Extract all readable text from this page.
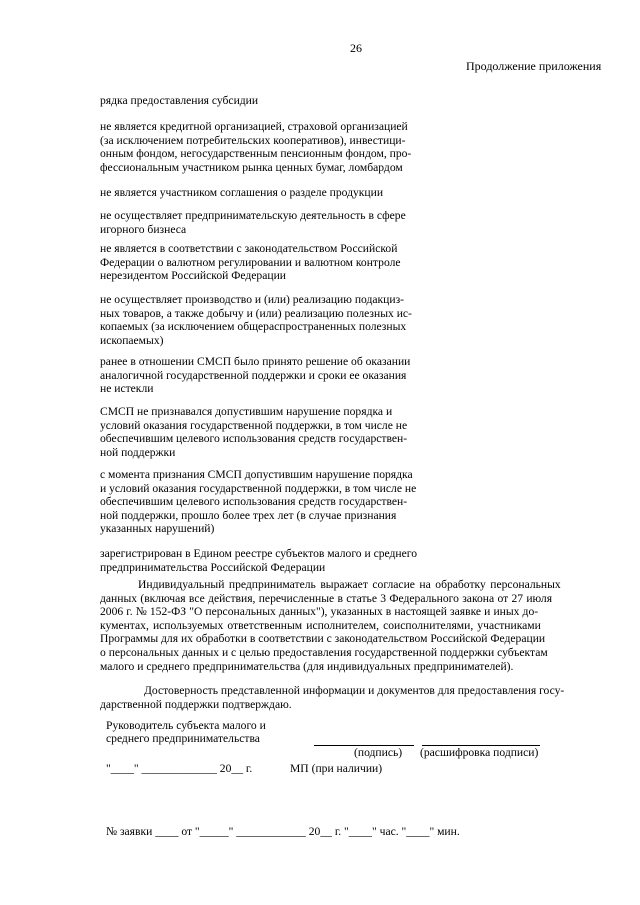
26
Продолжение приложения
рядка предоставления субсидии
не является кредитной организацией, страховой организацией
(за исключением потребительских кооперативов), инвестици-
онным фондом, негосударственным пенсионным фондом, про-
фессиональным участником рынка ценных бумаг, ломбардом
не является участником соглашения о разделе продукции
не осуществляет предпринимательскую деятельность в сфере
игорного бизнеса
не является в соответствии с законодательством Российской
Федерации о валютном регулировании и валютном контроле
нерезидентом Российской Федерации
не осуществляет производство и (или) реализацию подакциз-
ных товаров, а также добычу и (или) реализацию полезных ис-
копаемых (за исключением общераспространенных полезных
ископаемых)
ранее в отношении СМСП было принято решение об оказании
аналогичной государственной поддержки и сроки ее оказания
не истекли
СМСП не признавался допустившим нарушение порядка и
условий оказания государственной поддержки, в том числе не
обеспечившим целевого использования средств государствен-
ной поддержки
с момента признания СМСП допустившим нарушение порядка
и условий оказания государственной поддержки, в том числе не
обеспечившим целевого использования средств государствен-
ной поддержки, прошло более трех лет (в случае признания
указанных нарушений)
зарегистрирован в Едином реестре субъектов малого и среднего
предпринимательства Российской Федерации
Индивидуальный предприниматель выражает согласие на обработку персональных
данных (включая все действия, перечисленные в статье 3 Федерального закона от 27 июля
2006 г. № 152-ФЗ "О персональных данных"), указанных в настоящей заявке и иных до-
кументах, используемых ответственным исполнителем, соисполнителями, участниками
Программы для их обработки в соответствии с законодательством Российской Федерации
о персональных данных и с целью предоставления государственной поддержки субъектам
малого и среднего предпринимательства (для индивидуальных предпринимателей).
Достоверность представленной информации и документов для предоставления госу-
дарственной поддержки подтверждаю.
Руководитель субъекта малого и
среднего предпринимательства
(подпись) (расшифровка подписи)
"____" _____________ 20__ г.	МП (при наличии)
№ заявки ____ от "_____" ____________ 20__ г. "____" час. "____" мин.
